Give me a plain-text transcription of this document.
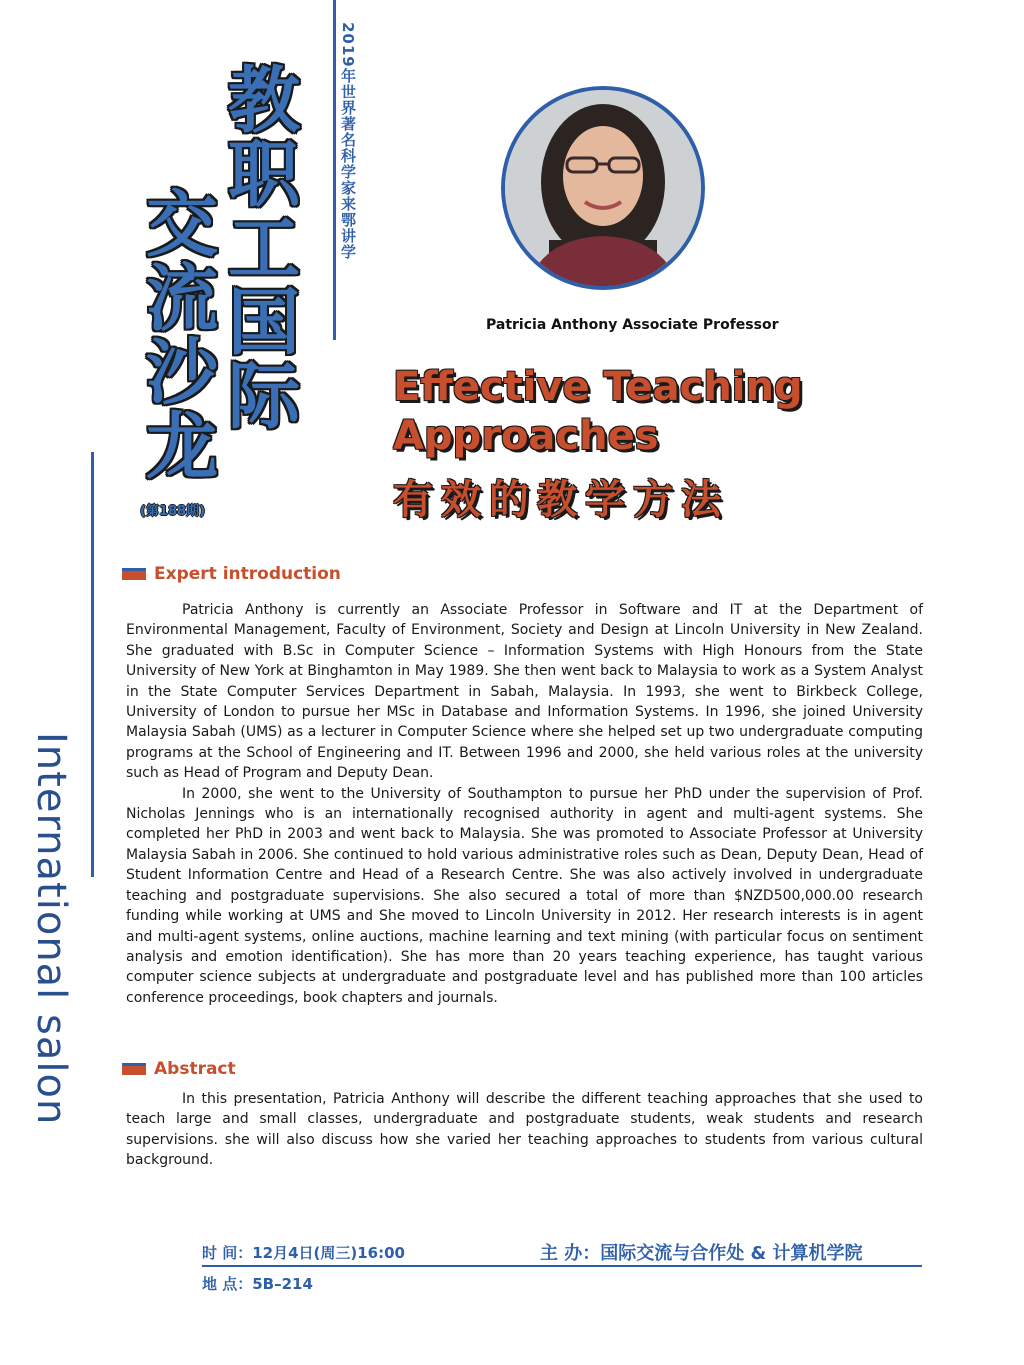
2019年世界著名科学家来鄂讲学
教职工国际
交流沙龙
(第188期)
International salon
Patricia Anthony Associate Professor
Effective Teaching
Approaches
有效的教学方法
Expert introduction

Patricia Anthony is currently an Associate Professor in Software and IT at the Department of Environmental Management, Faculty of Environment, Society and Design at Lincoln University in New Zealand. She graduated with B.Sc in Computer Science – Information Systems with High Honours from the State University of New York at Binghamton in May 1989. She then went back to Malaysia to work as a System Analyst in the State Computer Services Department in Sabah, Malaysia. In 1993, she went to Birkbeck College, University of London to pursue her MSc in Database and Information Systems. In 1996, she joined University Malaysia Sabah (UMS) as a lecturer in Computer Science where she helped set up two undergraduate computing programs at the School of Engineering and IT. Between 1996 and 2000, she held various roles at the university such as Head of Program and Deputy Dean.

In 2000, she went to the University of Southampton to pursue her PhD under the supervision of Prof. Nicholas Jennings who is an internationally recognised authority in agent and multi-agent systems. She completed her PhD in 2003 and went back to Malaysia. She was promoted to Associate Professor at University Malaysia Sabah in 2006. She continued to hold various administrative roles such as Dean, Deputy Dean, Head of Student Information Centre and Head of a Research Centre. She was also actively involved in undergraduate teaching and postgraduate supervisions. She also secured a total of more than $NZD500,000.00 research funding while working at UMS and She moved to Lincoln University in 2012. Her research interests is in agent and multi-agent systems, online auctions, machine learning and text mining (with particular focus on sentiment analysis and emotion identification). She has more than 20 years teaching experience, has taught various computer science subjects at undergraduate and postgraduate level and has published more than 100 articles conference proceedings, book chapters and journals.

Abstract

In this presentation, Patricia Anthony will describe the different teaching approaches that she used to teach large and small classes, undergraduate and postgraduate students, weak students and research supervisions. she will also discuss how she varied her teaching approaches to students from various cultural background.

时 间：12月4日(周三)16:00	主 办：国际交流与合作处 & 计算机学院
地 点：5B–214
